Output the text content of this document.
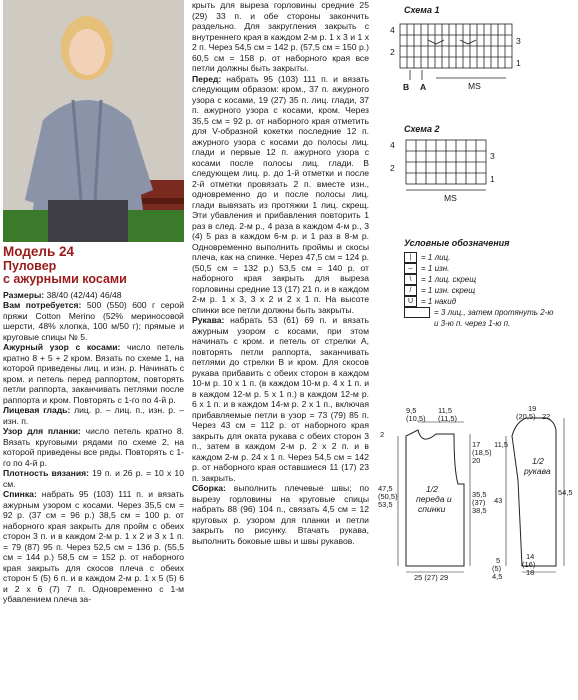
Модель 24
Пуловер
с ажурными косами

Размеры: 38/40 (42/44) 46/48

Вам потребуется: 500 (550) 600 г серой пряжи Cotton Merino (52% мериносовой шерсти, 48% хлопка, 100 м/50 г); прямые и круговые спицы № 5.

Ажурный узор с косами: число петель кратно 8 + 5 + 2 кром. Вязать по схеме 1, на которой приведены лиц. и изн. р. Начинать с кром. и петель перед раппортом, повторять петли раппорта, заканчивать петлями после раппорта и кром. Повторять с 1-го по 4-й р.

Лицевая гладь: лиц. р. – лиц. п., изн. р. – изн. п.

Узор для планки: число петель кратно 8. Вязать круговыми рядами по схеме 2, на которой приведены все ряды. Повторять с 1-го по 4-й р.

Плотность вязания: 19 п. и 26 р. = 10 x 10 см.

Спинка: набрать 95 (103) 111 п. и вязать ажурным узором с косами. Через 35,5 см = 92 р. (37 см = 96 р.) 38,5 см = 100 р. от наборного края закрыть для пройм с обеих сторон 3 п. и в каждом 2-м р. 1 x 2 и 3 x 1 п. = 79 (87) 95 п. Через 52,5 см = 136 р. (55,5 см = 144 р.) 58,5 см = 152 р. от наборного края закрыть для скосов плеча с обеих сторон 5 (5) 6 п. и в каждом 2-м р. 1 x 5 (5) 6 и 2 x 6 (7) 7 п. Одновременно с 1-м убавлением плеча за-

крыть для выреза горловины средние 25 (29) 33 п. и обе стороны закончить раздельно. Для закругления закрыть с внутреннего края в каждом 2-м р. 1 x 3 и 1 x 2 п. Через 54,5 см = 142 р. (57,5 см = 150 р.) 60,5 см = 158 р. от наборного края все петли должны быть закрыты.

Перед: набрать 95 (103) 111 п. и вязать следующим образом: кром., 37 п. ажурного узора с косами, 19 (27) 35 п. лиц. глади, 37 п. ажурного узора с косами, кром. Через 35,5 см = 92 р. от наборного края отметить для V-образной кокетки последние 12 п. ажурного узора с косами до полосы лиц. глади и первые 12 п. ажурного узора с косами после полосы лиц. глади. В следующем лиц. р. до 1-й отметки и после 2-й отметки провязать 2 п. вместе изн., одновременно до и после полосы лиц. глади вывязать из протяжки 1 лиц. скрещ. Эти убавления и прибавления повторить 1 раз в след. 2-м р., 4 раза в каждом 4-м р., 3 (4) 5 раз в каждом 6-м р. и 1 раз в 8-м р. Одновременно выполнить проймы и скосы плеча, как на спинке. Через 47,5 см = 124 р. (50,5 см = 132 р.) 53,5 см = 140 р. от наборного края закрыть для выреза горловины средние 13 (17) 21 п. и в каждом 2-м р. 1 x 3, 3 x 2 и 2 x 1 п. На высоте спинки все петли должны быть закрыты.

Рукава: набрать 53 (61) 69 п. и вязать ажурным узором с косами, при этом начинать с кром. и петель от стрелки A, повторять петли раппорта, заканчивать петлями до стрелки B и кром. Для скосов рукава прибавить с обеих сторон в каждом 10-м р. 10 x 1 п. (в каждом 10-м р. 4 x 1 п. и в каждом 12-м р. 5 x 1 п.) в каждом 12-м р. 6 x 1 п. и в каждом 14-м р. 2 x 1 п., включая прибавляемые петли в узор = 73 (79) 85 п. Через 43 см = 112 р. от наборного края закрыть для оката рукава с обеих сторон 3 п., затем в каждом 2-м р. 2 x 2 п. и в каждом 2-м р. 24 x 1 п. Через 54,5 см = 142 р. от наборного края оставшиеся 11 (17) 23 п. закрыть.

Сборка: выполнить плечевые швы; по вырезу горловины на круговые спицы набрать 88 (96) 104 п., связать 4,5 см = 12 круговых р. узором для планки и петли закрыть по рисунку. Втачать рукава, выполнить боковые швы и швы рукавов.

Схема 1
4
2
3
1
B A	MS
Схема 2
4
2
3
1
MS
Условные обозначения
|	= 1 лиц.
–	= 1 изн.
\	= 1 лиц. скрещ
/	= 1 изн. скрещ
U = 1 накид
= 3 лиц., затем протянуть 2-ю и 3-ю п. через 1-ю п.
9,5	11,5
(10,5) (11,5)
2
47,5
(50,5)
53,5
17
(18,5)
20
35,5
(37)
38,5
1/2
переда и
спинки
25 (27) 29
19
(20,5) 22
11,5
43
54,5
1/2
рукава
14
(16)
18
5
(5)
4,5
